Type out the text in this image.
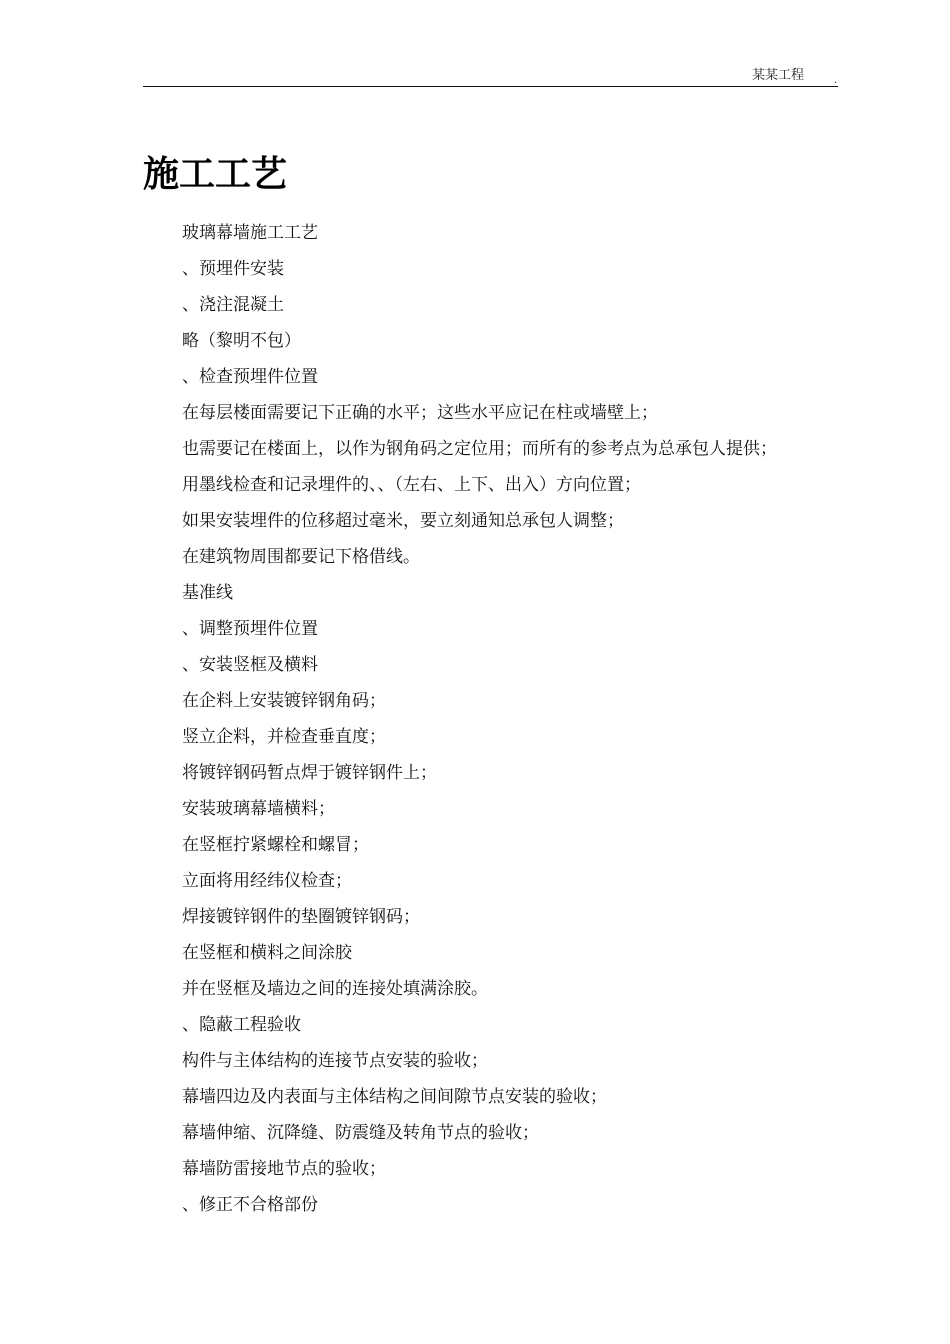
某某工程	.
施工工艺
玻璃幕墙施工工艺
、预埋件安装
、浇注混凝土
略（黎明不包）
、检查预埋件位置
在每层楼面需要记下正确的水平；这些水平应记在柱或墙壁上；
也需要记在楼面上，以作为钢角码之定位用；而所有的参考点为总承包人提供；
用墨线检查和记录埋件的、、（左右、上下、出入）方向位置；
如果安装埋件的位移超过毫米，要立刻通知总承包人调整；
在建筑物周围都要记下格借线。
基准线
、调整预埋件位置
、安装竖框及横料
在企料上安装镀锌钢角码；
竖立企料，并检查垂直度；
将镀锌钢码暂点焊于镀锌钢件上；
安装玻璃幕墙横料；
在竖框拧紧螺栓和螺冒；
立面将用经纬仪检查；
焊接镀锌钢件的垫圈镀锌钢码；
在竖框和横料之间涂胶
并在竖框及墙边之间的连接处填满涂胶。
、隐蔽工程验收
构件与主体结构的连接节点安装的验收；
幕墙四边及内表面与主体结构之间间隙节点安装的验收；
幕墙伸缩、沉降缝、防震缝及转角节点的验收；
幕墙防雷接地节点的验收；
、修正不合格部份
